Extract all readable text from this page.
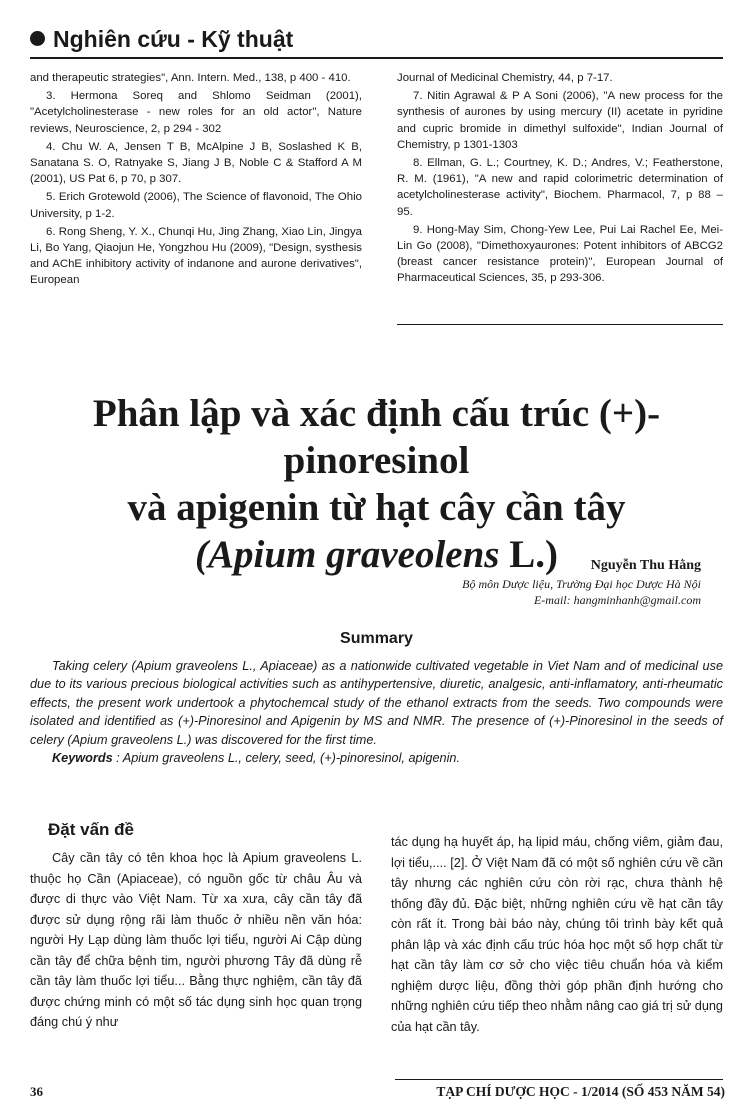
Nghiên cứu - Kỹ thuật

and therapeutic strategies", Ann. Intern. Med., 138, p 400 - 410.

3. Hermona Soreq and Shlomo Seidman (2001), "Acetylcholinesterase - new roles for an old actor", Nature reviews, Neuroscience, 2, p 294 - 302

4. Chu W. A, Jensen T B, McAlpine J B, Soslashed K B, Sanatana S. O, Ratnyake S, Jiang J B, Noble C & Stafford A M (2001), US Pat 6, p 70, p 307.

5. Erich Grotewold (2006), The Science of flavonoid, The Ohio University, p 1-2.

6. Rong Sheng, Y. X., Chunqi Hu, Jing Zhang, Xiao Lin, Jingya Li, Bo Yang, Qiaojun He, Yongzhou Hu (2009), "Design, systhesis and AChE inhibitory activity of indanone and aurone derivatives", European

Journal of Medicinal Chemistry, 44, p 7-17.

7. Nitin Agrawal & P A Soni (2006), "A new process for the synthesis of aurones by using mercury (II) acetate in pyridine and cupric bromide in dimethyl sulfoxide", Indian Journal of Chemistry, p 1301-1303

8. Ellman, G. L.; Courtney, K. D.; Andres, V.; Featherstone, R. M. (1961), "A new and rapid colorimetric determination of acetylcholinesterase activity", Biochem. Pharmacol, 7, p 88 – 95.

9. Hong-May Sim, Chong-Yew Lee, Pui Lai Rachel Ee, Mei-Lin Go (2008), "Dimethoxyaurones: Potent inhibitors of ABCG2 (breast cancer resistance protein)", European Journal of Pharmaceutical Sciences, 35, p 293-306.

Phân lập và xác định cấu trúc (+)- pinoresinol
và apigenin từ hạt cây cần tây
(Apium graveolens L.)	Nguyễn Thu Hằng
Bộ môn Dược liệu, Trường Đại học Dược Hà Nội
E-mail: hangminhanh@gmail.com
Summary

Taking celery (Apium graveolens L., Apiaceae) as a nationwide cultivated vegetable in Viet Nam and of medicinal use due to its various precious biological activities such as antihypertensive, diuretic, analgesic, anti-inflamatory, anti-rheumatic effects, the present work undertook a phytochemcal study of the ethanol extracts from the seeds. Two compounds were isolated and identified as (+)-Pinoresinol and Apigenin by MS and NMR. The presence of (+)-Pinoresinol in the seeds of celery (Apium graveolens L.) was discovered for the first time.

Keywords : Apium graveolens L., celery, seed, (+)-pinoresinol, apigenin.

Đặt vấn đề

Cây cần tây có tên khoa học là Apium graveolens L. thuộc họ Cần (Apiaceae), có nguồn gốc từ châu Âu và được di thực vào Việt Nam. Từ xa xưa, cây cần tây đã được sử dụng rộng rãi làm thuốc ở nhiều nền văn hóa: người Hy Lạp dùng làm thuốc lợi tiểu, người Ai Cập dùng cần tây để chữa bệnh tim, người phương Tây đã dùng rễ cần tây làm thuốc lợi tiểu... Bằng thực nghiệm, cần tây đã được chứng minh có một số tác dụng sinh học quan trọng đáng chú ý như

tác dụng hạ huyết áp, hạ lipid máu, chống viêm, giảm đau, lợi tiểu,.... [2]. Ở Việt Nam đã có một số nghiên cứu về cần tây nhưng các nghiên cứu còn rời rạc, chưa thành hệ thống đầy đủ. Đặc biệt, những nghiên cứu về hạt cần tây còn rất ít. Trong bài báo này, chúng tôi trình bày kết quả phân lập và xác định cấu trúc hóa học một số hợp chất từ hạt cần tây làm cơ sở cho việc tiêu chuẩn hóa và kiểm nghiệm dược liệu, đồng thời góp phần định hướng cho những nghiên cứu tiếp theo nhằm nâng cao giá trị sử dụng của hạt cần tây.

36	TẠP CHÍ DƯỢC HỌC - 1/2014 (SỐ 453 NĂM 54)
